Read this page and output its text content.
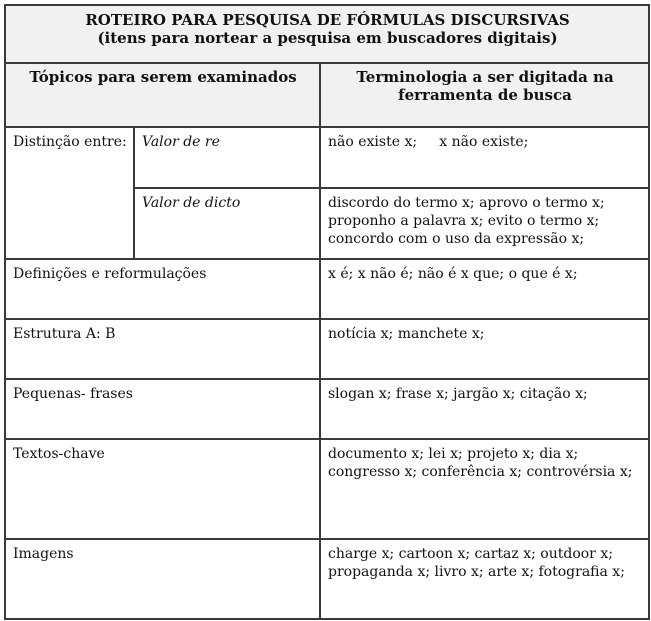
ROTEIRO PARA PESQUISA DE FÓRMULAS DISCURSIVAS
(itens para nortear a pesquisa em buscadores digitais)		

Tópicos para serem examinados		Terminologia a ser digitada na ferramenta de busca
Distinção entre:	Valor de re	não existe x;     x não existe;
	Valor de dicto	discordo do termo x; aprovo o termo x; proponho a palavra x; evito o termo x; concordo com o uso da expressão x;
Definições e reformulações		x é; x não é; não é x que; o que é x;
Estrutura A: B		notícia x; manchete x;
Pequenas- frases		slogan x; frase x; jargão x; citação x;
Textos-chave		documento x; lei x; projeto x; dia x; congresso x; conferência x; controvérsia x;
Imagens		charge x; cartoon x; cartaz x; outdoor x; propaganda x; livro x; arte x; fotografia x;
